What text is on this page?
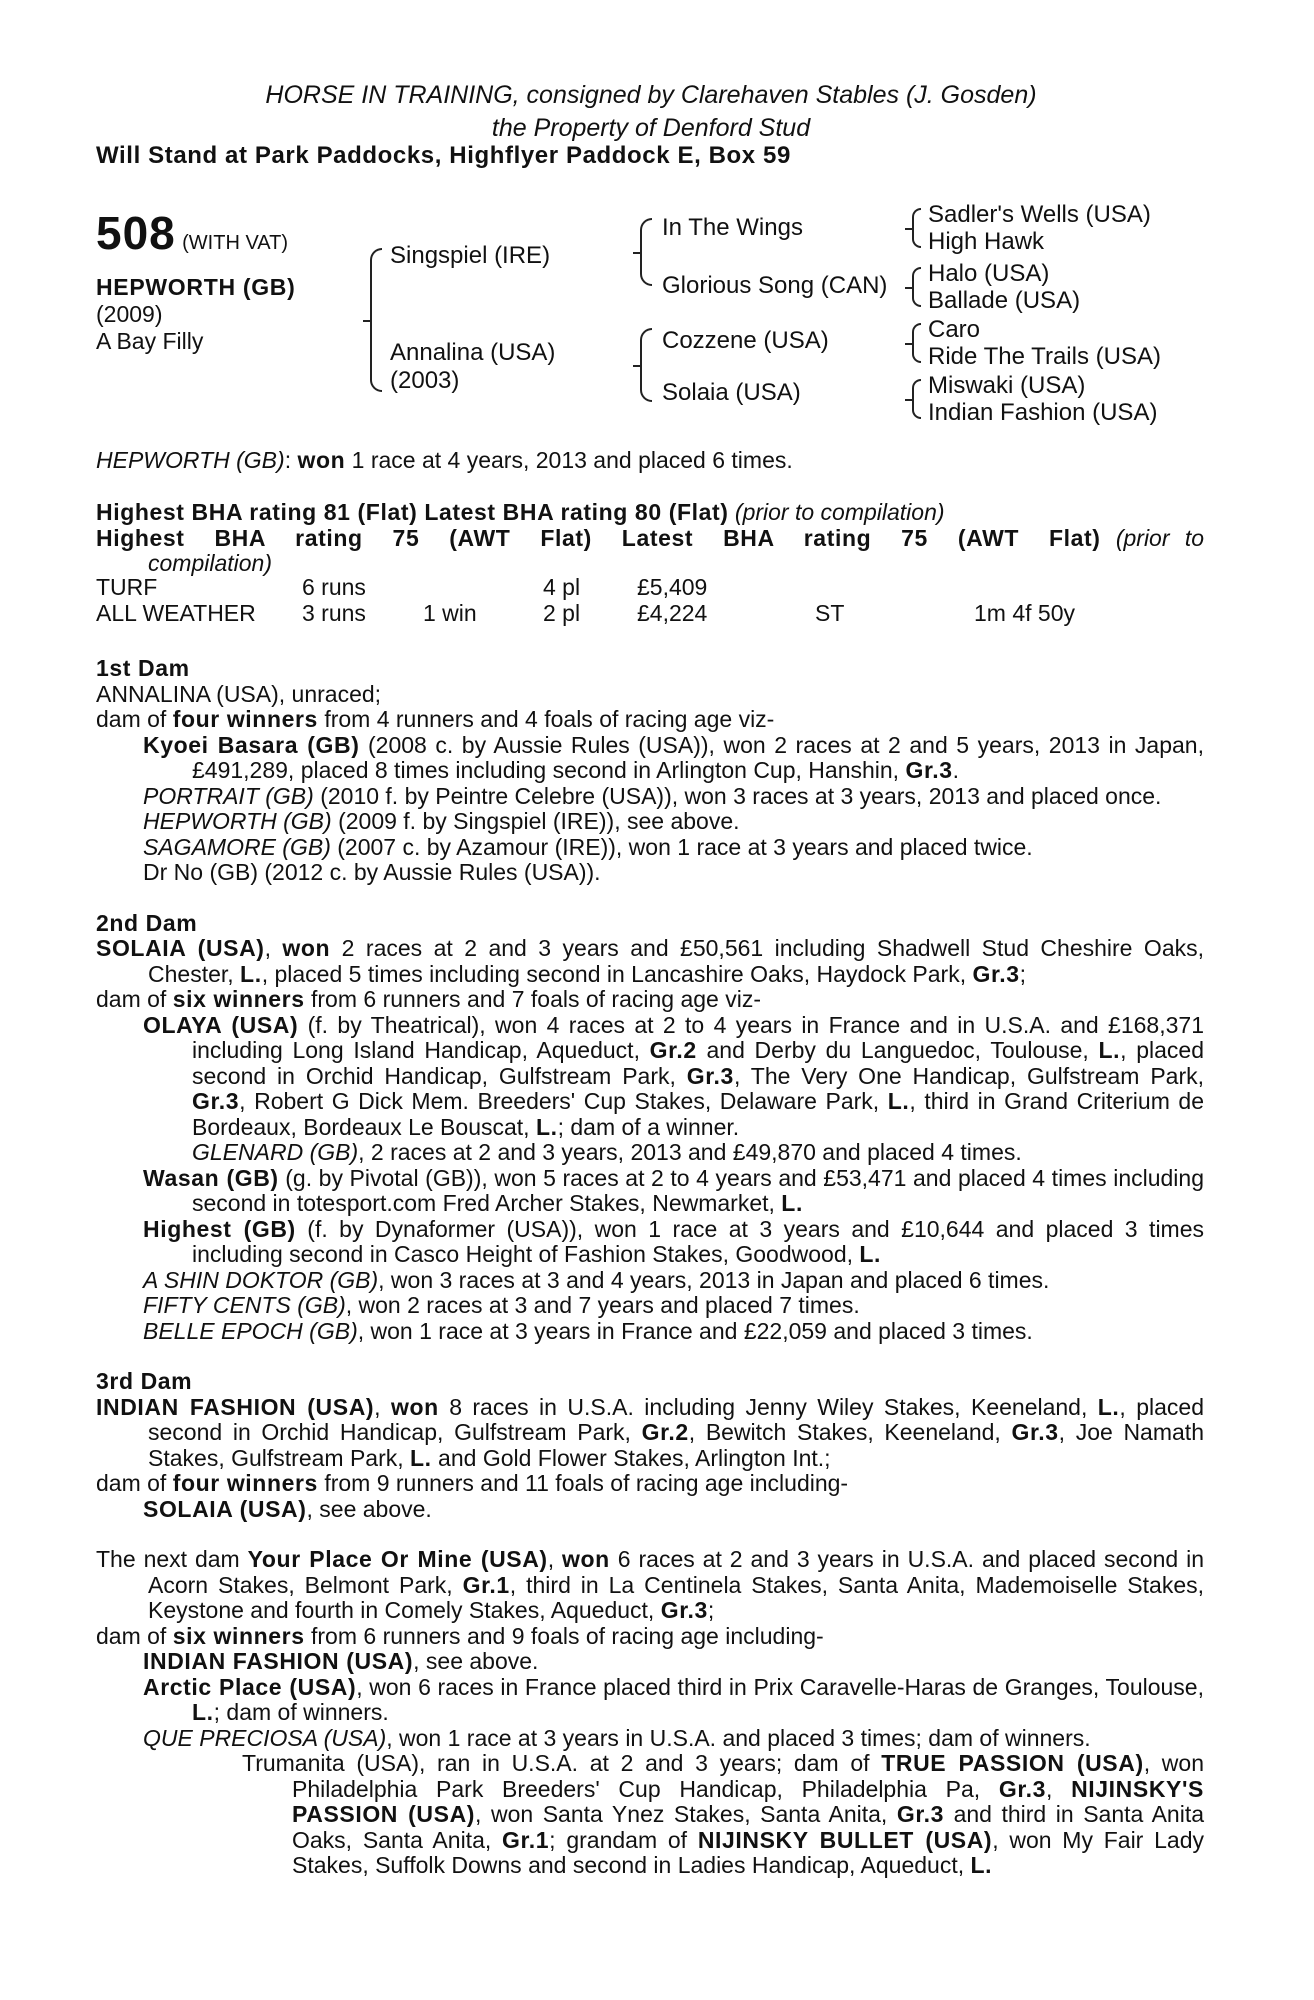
HORSE IN TRAINING, consigned by Clarehaven Stables (J. Gosden)
the Property of Denford Stud
Will Stand at Park Paddocks, Highflyer Paddock E, Box 59
508 (WITH VAT)
HEPWORTH (GB)
(2009)
A Bay Filly
Singspiel (IRE)
Annalina (USA)
(2003)
In The Wings
Glorious Song (CAN)
Cozzene (USA)
Solaia (USA)
Sadler's Wells (USA)
High Hawk
Halo (USA)
Ballade (USA)
Caro
Ride The Trails (USA)
Miswaki (USA)
Indian Fashion (USA)
HEPWORTH (GB): won 1 race at 4 years, 2013 and placed 6 times.

Highest BHA rating 81 (Flat) Latest BHA rating 80 (Flat) (prior to compilation)

Highest BHA rating 75 (AWT Flat) Latest BHA rating 75 (AWT Flat) (prior to compilation)

TURF	6 runs	4 pl £5,409
ALL WEATHER 3 runs 1 win	2 pl £4,224	ST	1m 4f 50y

1st Dam

ANNALINA (USA), unraced;

dam of four winners from 4 runners and 4 foals of racing age viz-

Kyoei Basara (GB) (2008 c. by Aussie Rules (USA)), won 2 races at 2 and 5 years, 2013 in Japan, £491,289, placed 8 times including second in Arlington Cup, Hanshin, Gr.3.

PORTRAIT (GB) (2010 f. by Peintre Celebre (USA)), won 3 races at 3 years, 2013 and placed once.

HEPWORTH (GB) (2009 f. by Singspiel (IRE)), see above.

SAGAMORE (GB) (2007 c. by Azamour (IRE)), won 1 race at 3 years and placed twice.

Dr No (GB) (2012 c. by Aussie Rules (USA)).

2nd Dam

SOLAIA (USA), won 2 races at 2 and 3 years and £50,561 including Shadwell Stud Cheshire Oaks, Chester, L., placed 5 times including second in Lancashire Oaks, Haydock Park, Gr.3;

dam of six winners from 6 runners and 7 foals of racing age viz-

OLAYA (USA) (f. by Theatrical), won 4 races at 2 to 4 years in France and in U.S.A. and £168,371 including Long Island Handicap, Aqueduct, Gr.2 and Derby du Languedoc, Toulouse, L., placed second in Orchid Handicap, Gulfstream Park, Gr.3, The Very One Handicap, Gulfstream Park, Gr.3, Robert G Dick Mem. Breeders' Cup Stakes, Delaware Park, L., third in Grand Criterium de Bordeaux, Bordeaux Le Bouscat, L.; dam of a winner.

GLENARD (GB), 2 races at 2 and 3 years, 2013 and £49,870 and placed 4 times.

Wasan (GB) (g. by Pivotal (GB)), won 5 races at 2 to 4 years and £53,471 and placed 4 times including second in totesport.com Fred Archer Stakes, Newmarket, L.

Highest (GB) (f. by Dynaformer (USA)), won 1 race at 3 years and £10,644 and placed 3 times including second in Casco Height of Fashion Stakes, Goodwood, L.

A SHIN DOKTOR (GB), won 3 races at 3 and 4 years, 2013 in Japan and placed 6 times.

FIFTY CENTS (GB), won 2 races at 3 and 7 years and placed 7 times.

BELLE EPOCH (GB), won 1 race at 3 years in France and £22,059 and placed 3 times.

3rd Dam

INDIAN FASHION (USA), won 8 races in U.S.A. including Jenny Wiley Stakes, Keeneland, L., placed second in Orchid Handicap, Gulfstream Park, Gr.2, Bewitch Stakes, Keeneland, Gr.3, Joe Namath Stakes, Gulfstream Park, L. and Gold Flower Stakes, Arlington Int.;

dam of four winners from 9 runners and 11 foals of racing age including-

SOLAIA (USA), see above.

The next dam Your Place Or Mine (USA), won 6 races at 2 and 3 years in U.S.A. and placed second in Acorn Stakes, Belmont Park, Gr.1, third in La Centinela Stakes, Santa Anita, Mademoiselle Stakes, Keystone and fourth in Comely Stakes, Aqueduct, Gr.3;

dam of six winners from 6 runners and 9 foals of racing age including-

INDIAN FASHION (USA), see above.

Arctic Place (USA), won 6 races in France placed third in Prix Caravelle-Haras de Granges, Toulouse, L.; dam of winners.

QUE PRECIOSA (USA), won 1 race at 3 years in U.S.A. and placed 3 times; dam of winners.

Trumanita (USA), ran in U.S.A. at 2 and 3 years; dam of TRUE PASSION (USA), won Philadelphia Park Breeders' Cup Handicap, Philadelphia Pa, Gr.3, NIJINSKY'S PASSION (USA), won Santa Ynez Stakes, Santa Anita, Gr.3 and third in Santa Anita Oaks, Santa Anita, Gr.1; grandam of NIJINSKY BULLET (USA), won My Fair Lady Stakes, Suffolk Downs and second in Ladies Handicap, Aqueduct, L.
